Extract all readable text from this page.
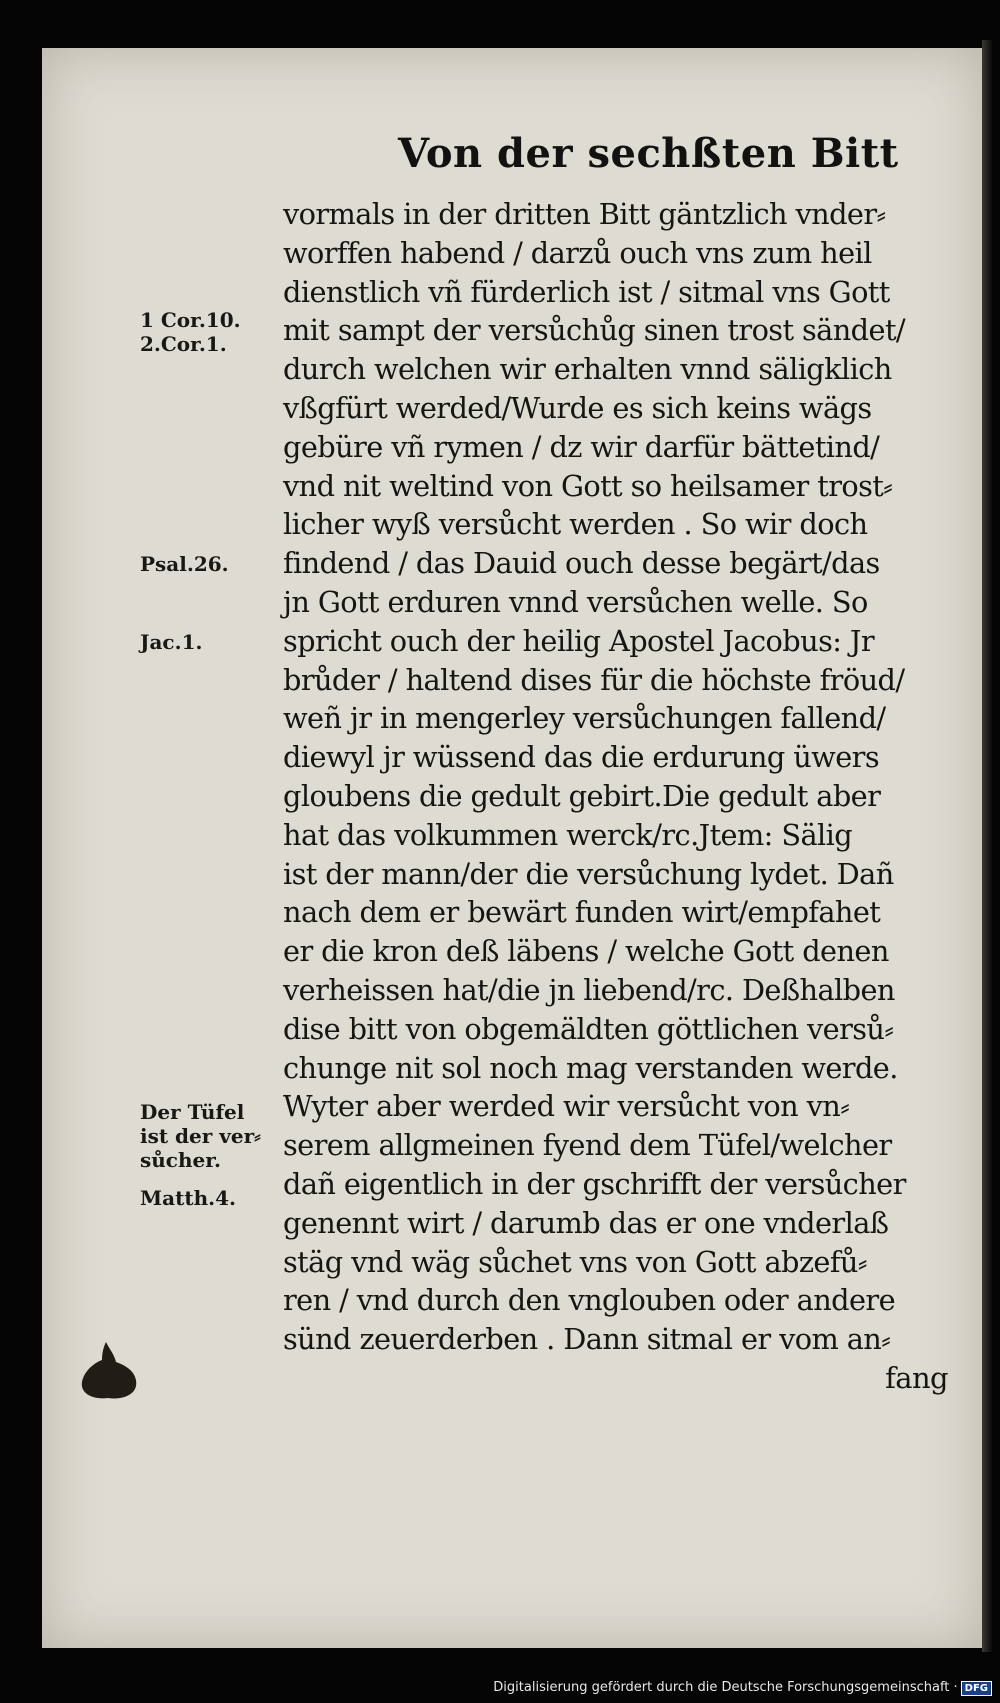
Von der sechßten Bitt
vormals in der dritten Bitt gäntzlich vnder⸗
worffen habend / darzů ouch vns zum heil
dienstlich vñ fürderlich ist / sitmal vns Gott
mit sampt der versůchůg sinen trost sändet/
durch welchen wir erhalten vnnd säligklich
vßgfürt werded/Wurde es sich keins wägs
gebüre vñ rymen / dz wir darfür bättetind/
vnd nit weltind von Gott so heilsamer trost⸗
licher wyß versůcht werden . So wir doch
findend / das Dauid ouch desse begärt/das
jn Gott erduren vnnd versůchen welle. So
spricht ouch der heilig Apostel Jacobus: Jr
brůder / haltend dises für die höchste fröud/
weñ jr in mengerley versůchungen fallend/
diewyl jr wüssend das die erdurung üwers
gloubens die gedult gebirt.Die gedult aber
hat das volkummen werck/rc.Jtem: Sälig
ist der mann/der die versůchung lydet. Dañ
nach dem er bewärt funden wirt/empfahet
er die kron deß läbens / welche Gott denen
verheissen hat/die jn liebend/rc. Deßhalben
dise bitt von obgemäldten göttlichen versů⸗
chunge nit sol noch mag verstanden werde.
Wyter aber werded wir versůcht von vn⸗
serem allgmeinen fyend dem Tüfel/welcher
dañ eigentlich in der gschrifft der versůcher
genennt wirt / darumb das er one vnderlaß
stäg vnd wäg sůchet vns von Gott abzefů⸗
ren / vnd durch den vnglouben oder andere
sünd zeuerderben . Dann sitmal er vom an⸗
fang
1 Cor.10.
2.Cor.1.
Psal.26.
Jac.1.
Der Tüfel
ist der ver⸗
sůcher.
Matth.4.
Digitalisierung gefördert durch die Deutsche Forschungsgemeinschaft · DFG
